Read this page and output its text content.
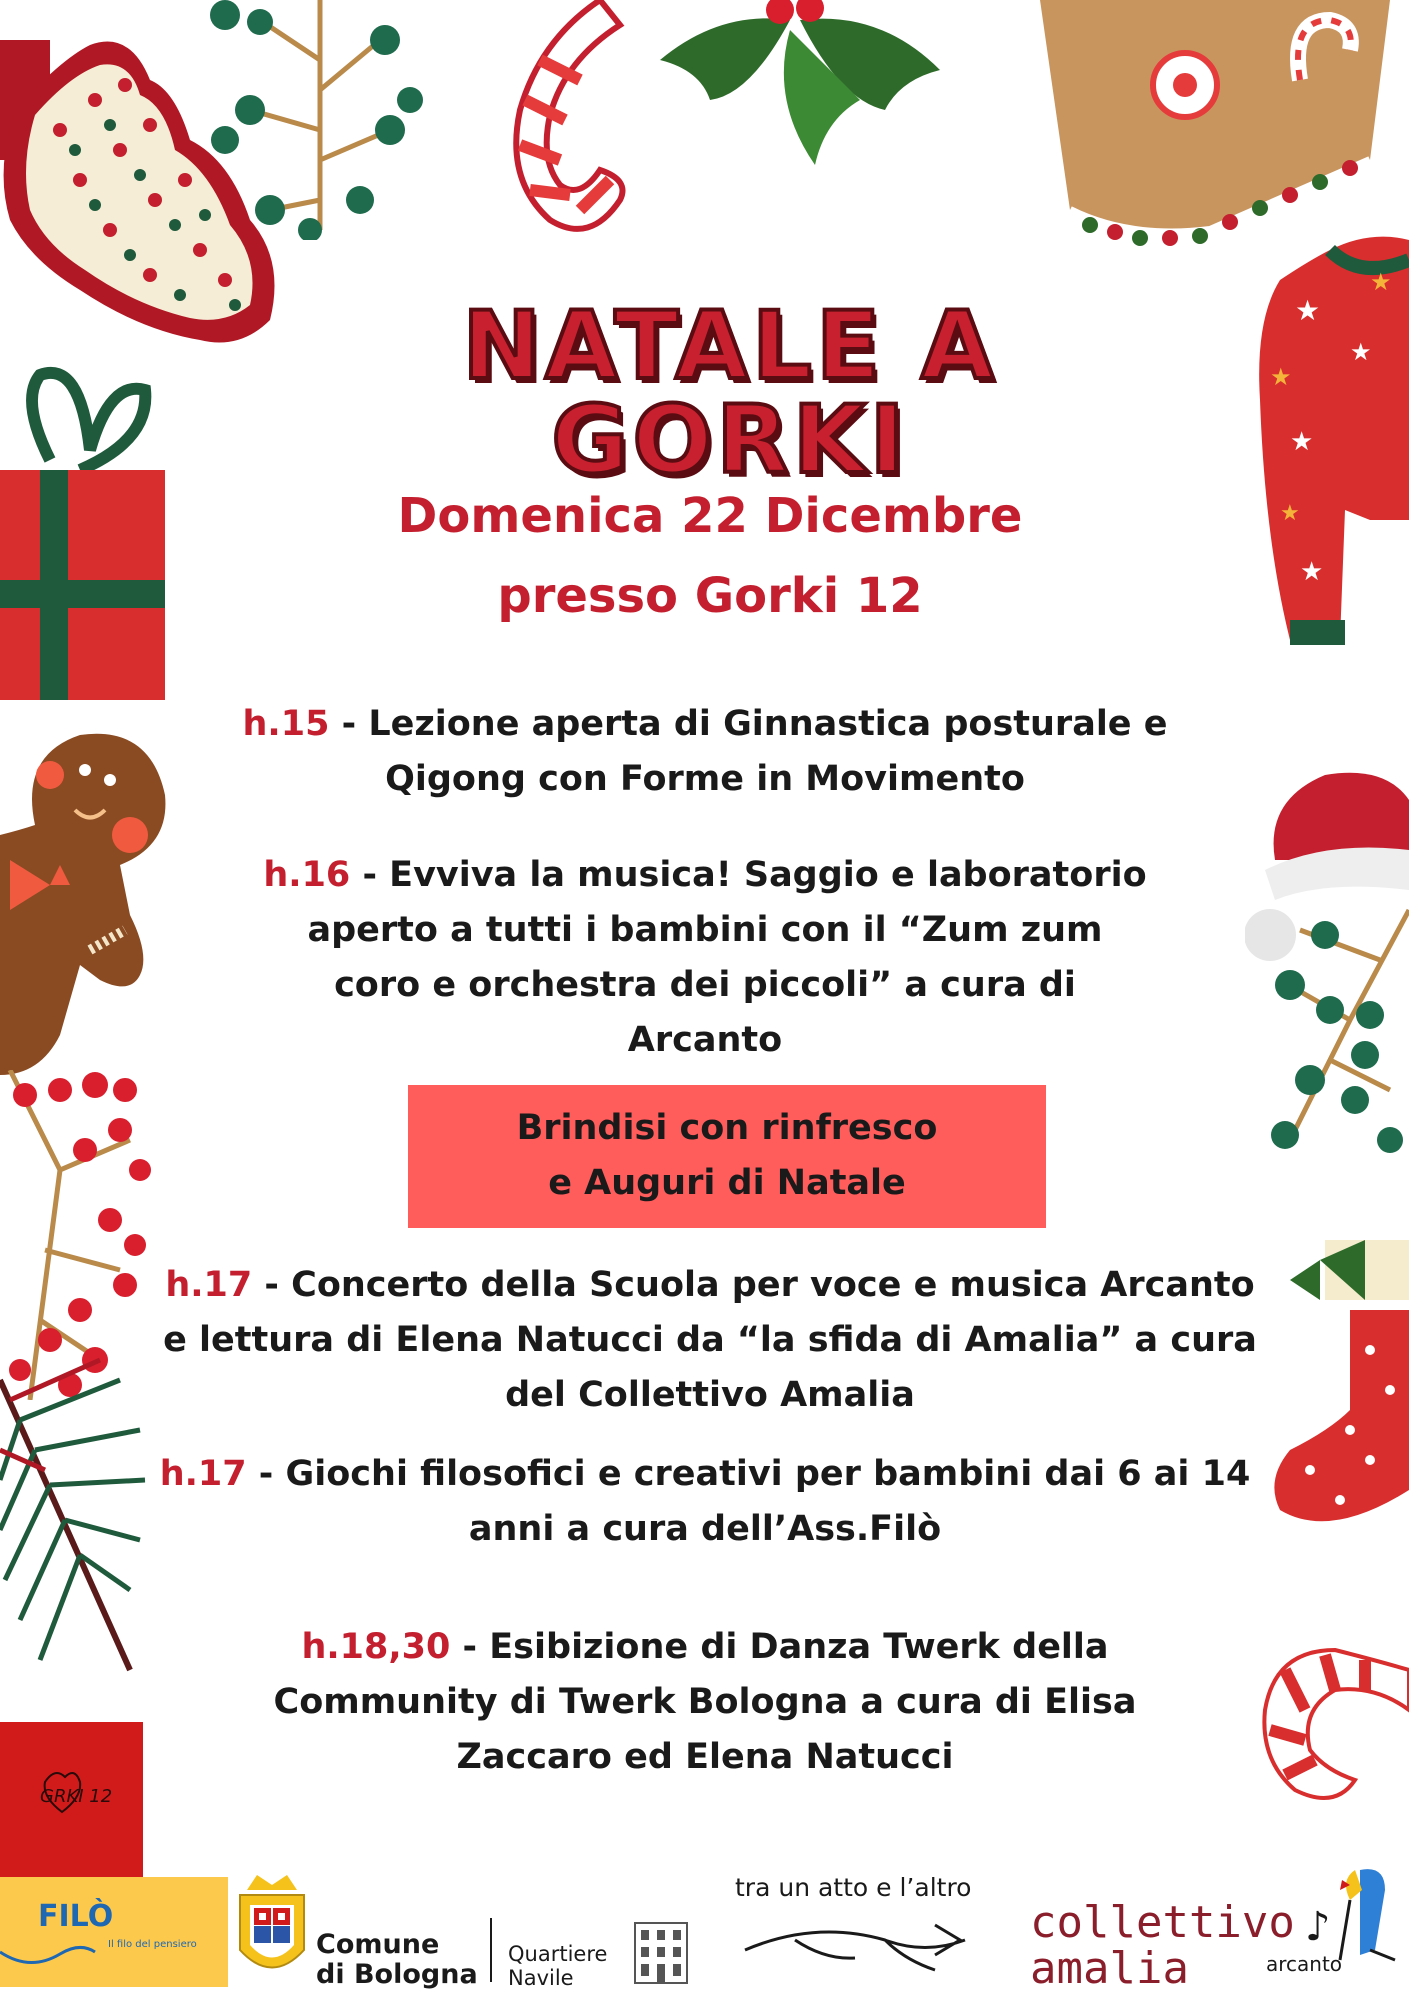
★
★
★
★
★
★
★
NATALE A GORKI
Domenica 22 Dicembre
presso Gorki 12
h.15 - Lezione aperta di Ginnastica posturale e
Qigong con Forme in Movimento
h.16 - Evviva la musica! Saggio e laboratorio
aperto a tutti i bambini con il “Zum zum
coro e orchestra dei piccoli” a cura di
Arcanto
Brindisi con rinfresco
e Auguri di Natale
h.17 - Concerto della Scuola per voce e musica Arcanto
e lettura di Elena Natucci da “la sfida di Amalia” a cura
del Collettivo Amalia
h.17 - Giochi filosofici e creativi per bambini dai 6 ai 14
anni a cura dell’Ass.Filò
h.18,30 - Esibizione di Danza Twerk della
Community di Twerk Bologna a cura di Elisa
Zaccaro ed Elena Natucci
GRKI 12
FILÒ
Il filo del pensiero	Comune
di Bologna
Quartiere
Navile
tra un atto e l’altro
collettivo
amalia
♪
arcanto
